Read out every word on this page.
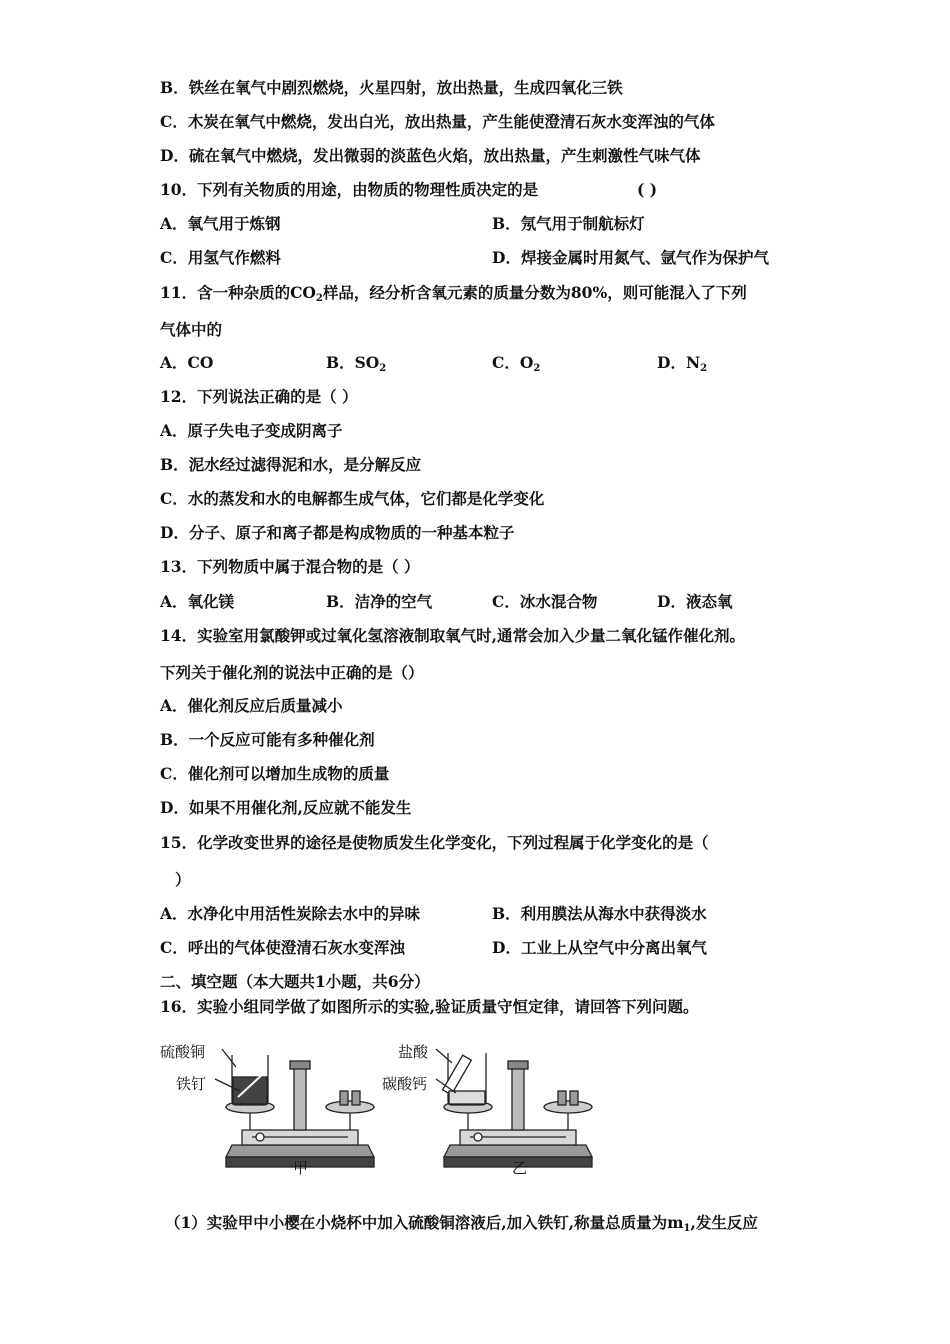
B．铁丝在氧气中剧烈燃烧，火星四射，放出热量，生成四氧化三铁
C．木炭在氧气中燃烧，发出白光，放出热量，产生能使澄清石灰水变浑浊的气体
D．硫在氧气中燃烧，发出微弱的淡蓝色火焰，放出热量，产生刺激性气味气体
10．下列有关物质的用途，由物质的物理性质决定的是	( )
A．氧气用于炼钢	B．氖气用于制航标灯
C．用氢气作燃料	D．焊接金属时用氮气、氩气作为保护气
11．含一种杂质的$CO_2$样品，经分析含氧元素的质量分数为80%，则可能混入了下列
气体中的
A．CO	B．$SO_2$	C．$O_2$	D．$N_2$
12．下列说法正确的是（ ）
A．原子失电子变成阴离子
B．泥水经过滤得泥和水，是分解反应
C．水的蒸发和水的电解都生成气体，它们都是化学变化
D．分子、原子和离子都是构成物质的一种基本粒子
13．下列物质中属于混合物的是（ ）
A．氧化镁	B．洁净的空气	C．冰水混合物	D．液态氧
14．实验室用氯酸钾或过氧化氢溶液制取氧气时,通常会加入少量二氧化锰作催化剂。
下列关于催化剂的说法中正确的是（）
A．催化剂反应后质量减小
B．一个反应可能有多种催化剂
C．催化剂可以增加生成物的质量
D．如果不用催化剂,反应就不能发生
15．化学改变世界的途径是使物质发生化学变化，下列过程属于化学变化的是（
）
A．水净化中用活性炭除去水中的异味	B．利用膜法从海水中获得淡水
C．呼出的气体使澄清石灰水变浑浊	D．工业上从空气中分离出氧气
二、填空题（本大题共1小题，共6分）
16．实验小组同学做了如图所示的实验,验证质量守恒定律，请回答下列问题。
硫酸铜
铁钉
甲
盐酸
碳酸钙
乙
（1）实验甲中小樱在小烧杯中加入硫酸铜溶液后,加入铁钉,称量总质量为$m_1$,发生反应
